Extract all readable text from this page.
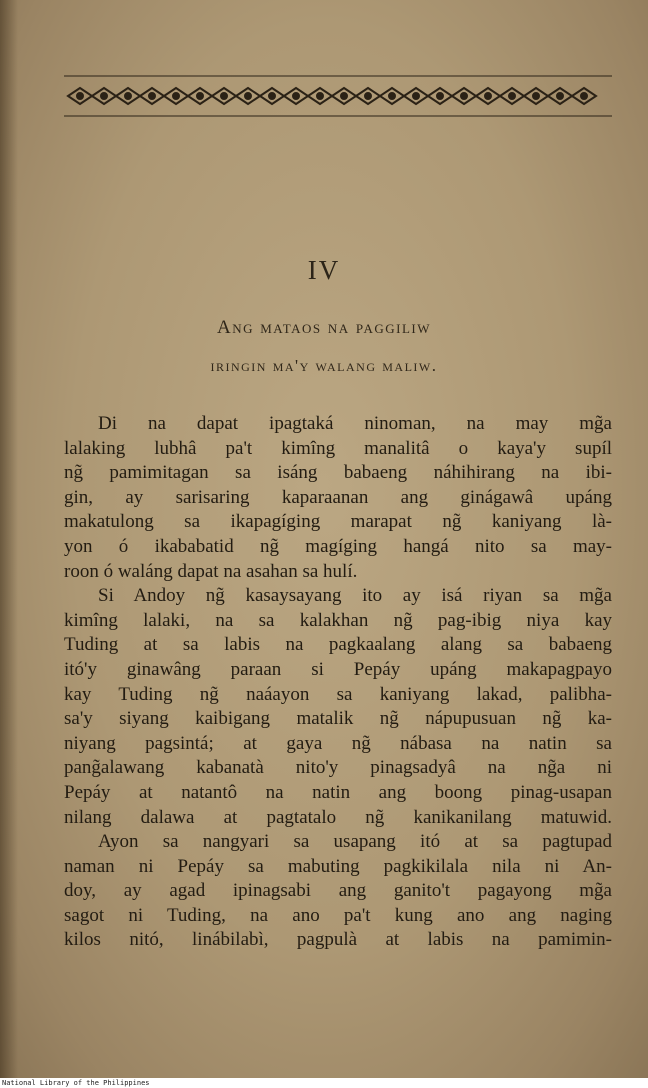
IV
Ang mataos na paggiliw
iringin ma'y walang maliw.
Di na dapat ipagtaká ninoman, na may mg̃a
lalaking lubhâ pa't kimîng manalitâ o kaya'y supíl
ng̃ pamimitagan sa isáng babaeng náhihirang na ibi-
gin, ay sarisaring kaparaanan ang ginágawâ upáng
makatulong sa ikapagíging marapat ng̃ kaniyang là-
yon ó ikababatid ng̃ magíging hangá nito sa may-
roon ó waláng dapat na asahan sa hulí.
Si Andoy ng̃ kasaysayang ito ay isá riyan sa mg̃a
kimîng lalaki, na sa kalakhan ng̃ pag-ibig niya kay
Tuding at sa labis na pagkaalang alang sa babaeng
itó'y ginawâng paraan si Pepáy upáng makapagpayo
kay Tuding ng̃ naáayon sa kaniyang lakad, palibha-
sa'y siyang kaibigang matalik ng̃ nápupusuan ng̃ ka-
niyang pagsintá; at gaya ng̃ nábasa na natin sa
pang̃alawang kabanatà nito'y pinagsadyâ na ng̃a ni
Pepáy at natantô na natin ang boong pinag-usapan
nilang dalawa at pagtatalo ng̃ kanikanilang matuwid.
Ayon sa nangyari sa usapang itó at sa pagtupad
naman ni Pepáy sa mabuting pagkikilala nila ni An-
doy, ay agad ipinagsabi ang ganito't pagayong mg̃a
sagot ni Tuding, na ano pa't kung ano ang naging
kilos nitó, linábilabì, pagpulà at labis na pamimin-
National Library of the Philippines
